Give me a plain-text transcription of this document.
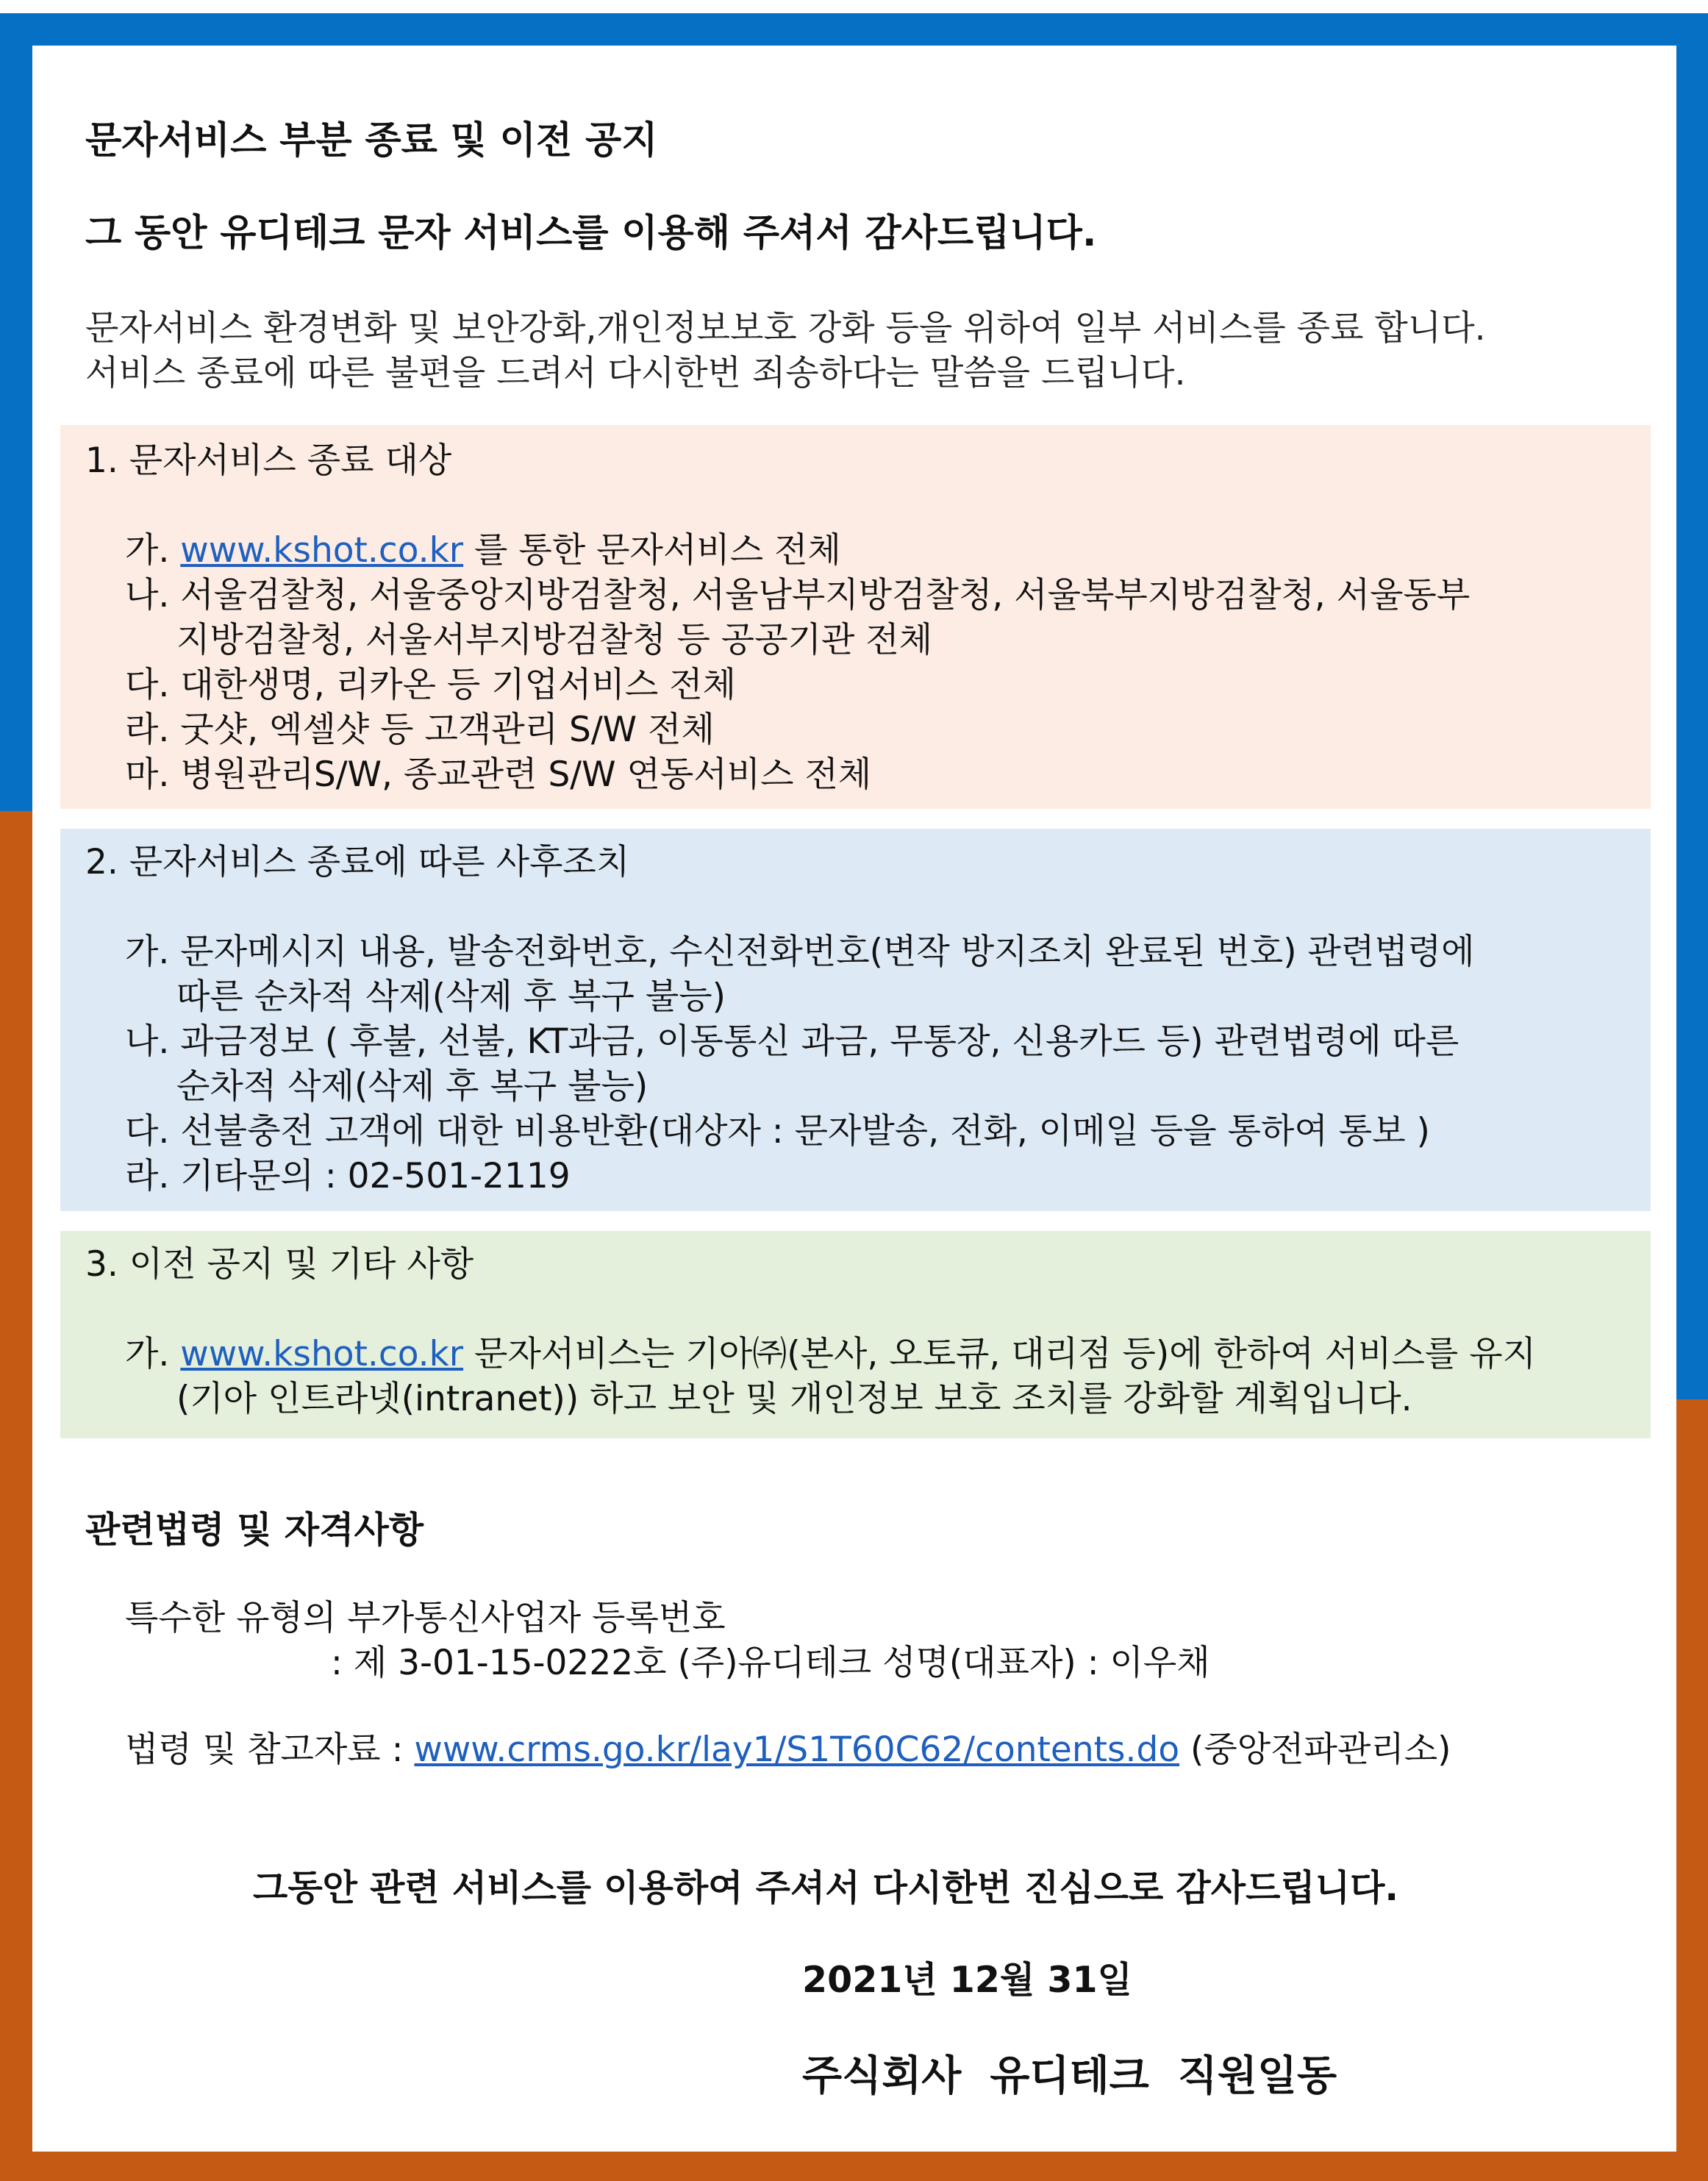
문자서비스 부분 종료 및 이전 공지
그 동안 유디테크 문자 서비스를 이용해 주셔서 감사드립니다.
문자서비스 환경변화 및 보안강화,개인정보보호 강화 등을 위하여 일부 서비스를 종료 합니다.
서비스 종료에 따른 불편을 드려서 다시한번 죄송하다는 말씀을 드립니다.
1. 문자서비스 종료 대상
가. www.kshot.co.kr 를 통한 문자서비스 전체
나. 서울검찰청, 서울중앙지방검찰청, 서울남부지방검찰청, 서울북부지방검찰청, 서울동부
지방검찰청, 서울서부지방검찰청 등 공공기관 전체
다. 대한생명, 리카온 등 기업서비스 전체
라. 굿샷, 엑셀샷 등 고객관리 S/W 전체
마. 병원관리S/W, 종교관련 S/W 연동서비스 전체
2. 문자서비스 종료에 따른 사후조치
가. 문자메시지 내용, 발송전화번호, 수신전화번호(변작 방지조치 완료된 번호) 관련법령에
따른 순차적 삭제(삭제 후 복구 불능)
나. 과금정보 ( 후불, 선불, KT과금, 이동통신 과금, 무통장, 신용카드 등) 관련법령에 따른
순차적 삭제(삭제 후 복구 불능)
다. 선불충전 고객에 대한 비용반환(대상자 : 문자발송, 전화, 이메일 등을 통하여 통보 )
라. 기타문의 : 02-501-2119
3. 이전 공지 및 기타 사항
가. www.kshot.co.kr 문자서비스는 기아㈜(본사, 오토큐, 대리점 등)에 한하여 서비스를 유지
(기아 인트라넷(intranet)) 하고 보안 및 개인정보 보호 조치를 강화할 계획입니다.
관련법령 및 자격사항
특수한 유형의 부가통신사업자 등록번호
: 제 3-01-15-0222호 (주)유디테크 성명(대표자) : 이우채
법령 및 참고자료 : www.crms.go.kr/lay1/S1T60C62/contents.do (중앙전파관리소)
그동안 관련 서비스를 이용하여 주셔서 다시한번 진심으로 감사드립니다.
2021년 12월 31일
주식회사  유디테크  직원일동
